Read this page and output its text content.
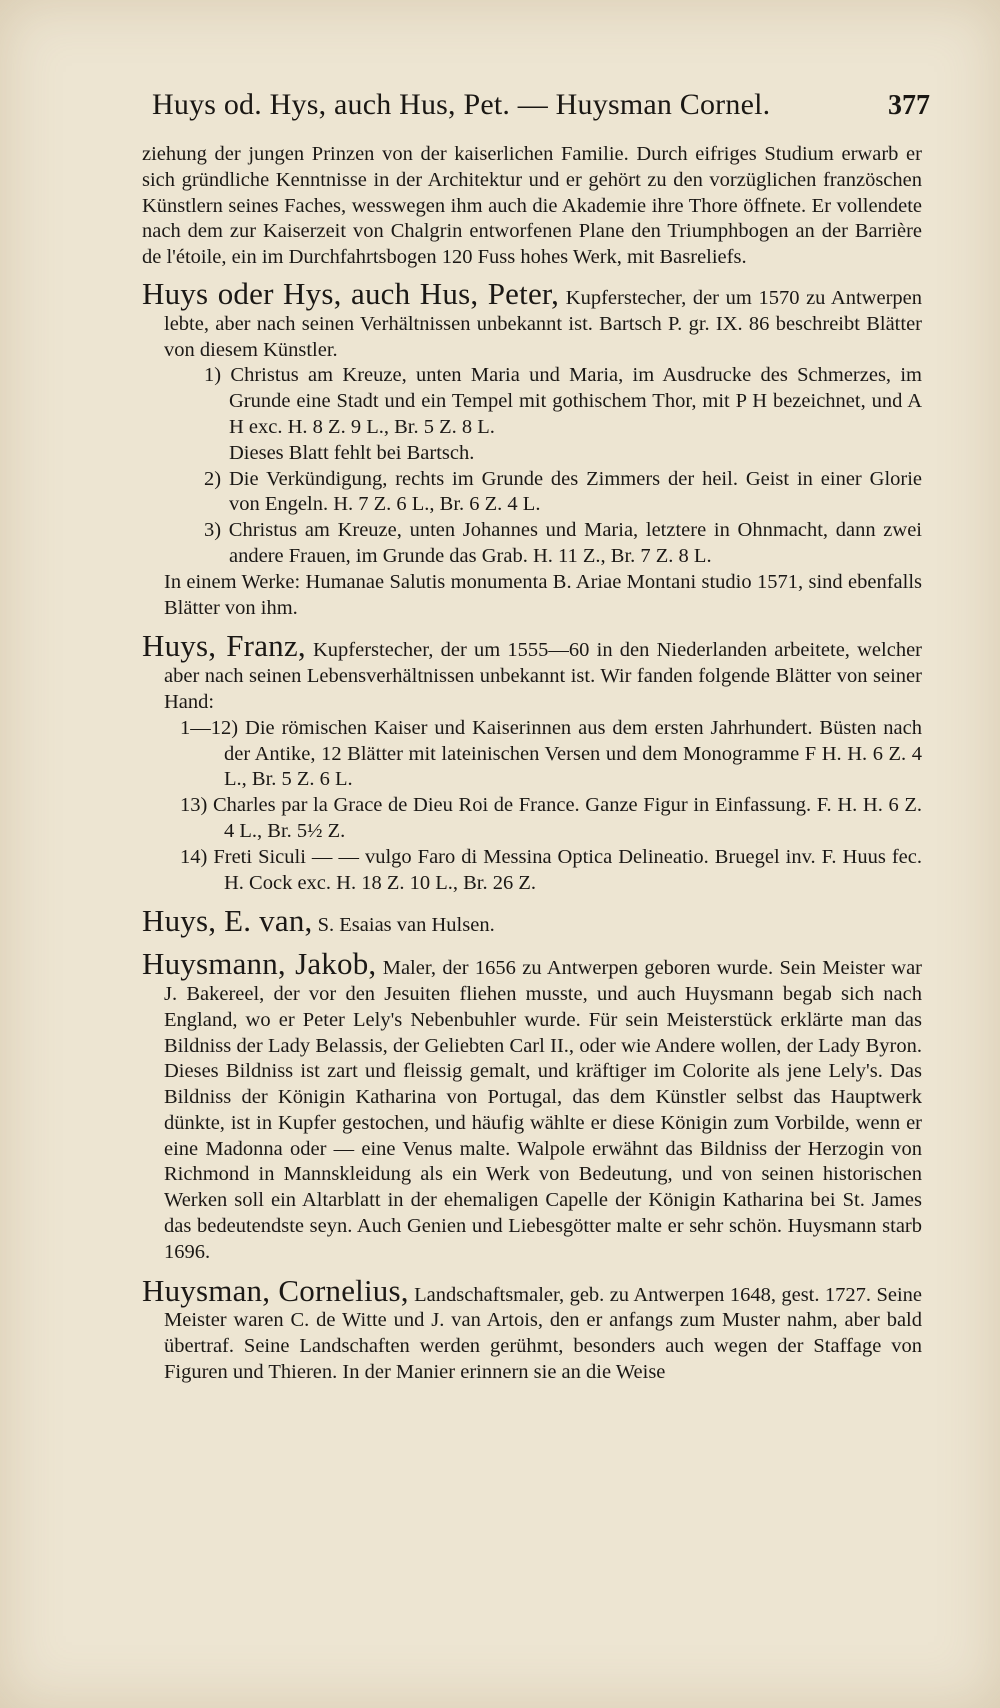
Huys od. Hys, auch Hus, Pet. — Huysman Cornel.	377

ziehung der jungen Prinzen von der kaiserlichen Familie. Durch eifriges Studium erwarb er sich gründliche Kenntnisse in der Architektur und er gehört zu den vorzüglichen französchen Künstlern seines Faches, wesswegen ihm auch die Akademie ihre Thore öffnete. Er vollendete nach dem zur Kaiserzeit von Chalgrin entworfenen Plane den Triumphbogen an der Barrière de l'étoile, ein im Durchfahrtsbogen 120 Fuss hohes Werk, mit Basreliefs.

Huys oder Hys, auch Hus, Peter, Kupferstecher, der um 1570 zu Antwerpen lebte, aber nach seinen Verhältnissen unbekannt ist. Bartsch P. gr. IX. 86 beschreibt Blätter von diesem Künstler.

1) Christus am Kreuze, unten Maria und Maria, im Ausdrucke des Schmerzes, im Grunde eine Stadt und ein Tempel mit gothischem Thor, mit P H bezeichnet, und A H exc. H. 8 Z. 9 L., Br. 5 Z. 8 L.

Dieses Blatt fehlt bei Bartsch.

2) Die Verkündigung, rechts im Grunde des Zimmers der heil. Geist in einer Glorie von Engeln. H. 7 Z. 6 L., Br. 6 Z. 4 L.

3) Christus am Kreuze, unten Johannes und Maria, letztere in Ohnmacht, dann zwei andere Frauen, im Grunde das Grab. H. 11 Z., Br. 7 Z. 8 L.

In einem Werke: Humanae Salutis monumenta B. Ariae Montani studio 1571, sind ebenfalls Blätter von ihm.

Huys, Franz, Kupferstecher, der um 1555—60 in den Niederlanden arbeitete, welcher aber nach seinen Lebensverhältnissen unbekannt ist. Wir fanden folgende Blätter von seiner Hand:

1—12) Die römischen Kaiser und Kaiserinnen aus dem ersten Jahrhundert. Büsten nach der Antike, 12 Blätter mit lateinischen Versen und dem Monogramme F H. H. 6 Z. 4 L., Br. 5 Z. 6 L.

13) Charles par la Grace de Dieu Roi de France. Ganze Figur in Einfassung. F. H. H. 6 Z. 4 L., Br. 5½ Z.

14) Freti Siculi — — vulgo Faro di Messina Optica Delineatio. Bruegel inv. F. Huus fec. H. Cock exc. H. 18 Z. 10 L., Br. 26 Z.

Huys, E. van, S. Esaias van Hulsen.

Huysmann, Jakob, Maler, der 1656 zu Antwerpen geboren wurde. Sein Meister war J. Bakereel, der vor den Jesuiten fliehen musste, und auch Huysmann begab sich nach England, wo er Peter Lely's Nebenbuhler wurde. Für sein Meisterstück erklärte man das Bildniss der Lady Belassis, der Geliebten Carl II., oder wie Andere wollen, der Lady Byron. Dieses Bildniss ist zart und fleissig gemalt, und kräftiger im Colorite als jene Lely's. Das Bildniss der Königin Katharina von Portugal, das dem Künstler selbst das Hauptwerk dünkte, ist in Kupfer gestochen, und häufig wählte er diese Königin zum Vorbilde, wenn er eine Madonna oder — eine Venus malte. Walpole erwähnt das Bildniss der Herzogin von Richmond in Mannskleidung als ein Werk von Bedeutung, und von seinen historischen Werken soll ein Altarblatt in der ehemaligen Capelle der Königin Katharina bei St. James das bedeutendste seyn. Auch Genien und Liebesgötter malte er sehr schön. Huysmann starb 1696.

Huysman, Cornelius, Landschaftsmaler, geb. zu Antwerpen 1648, gest. 1727. Seine Meister waren C. de Witte und J. van Artois, den er anfangs zum Muster nahm, aber bald übertraf. Seine Landschaften werden gerühmt, besonders auch wegen der Staffage von Figuren und Thieren. In der Manier erinnern sie an die Weise
